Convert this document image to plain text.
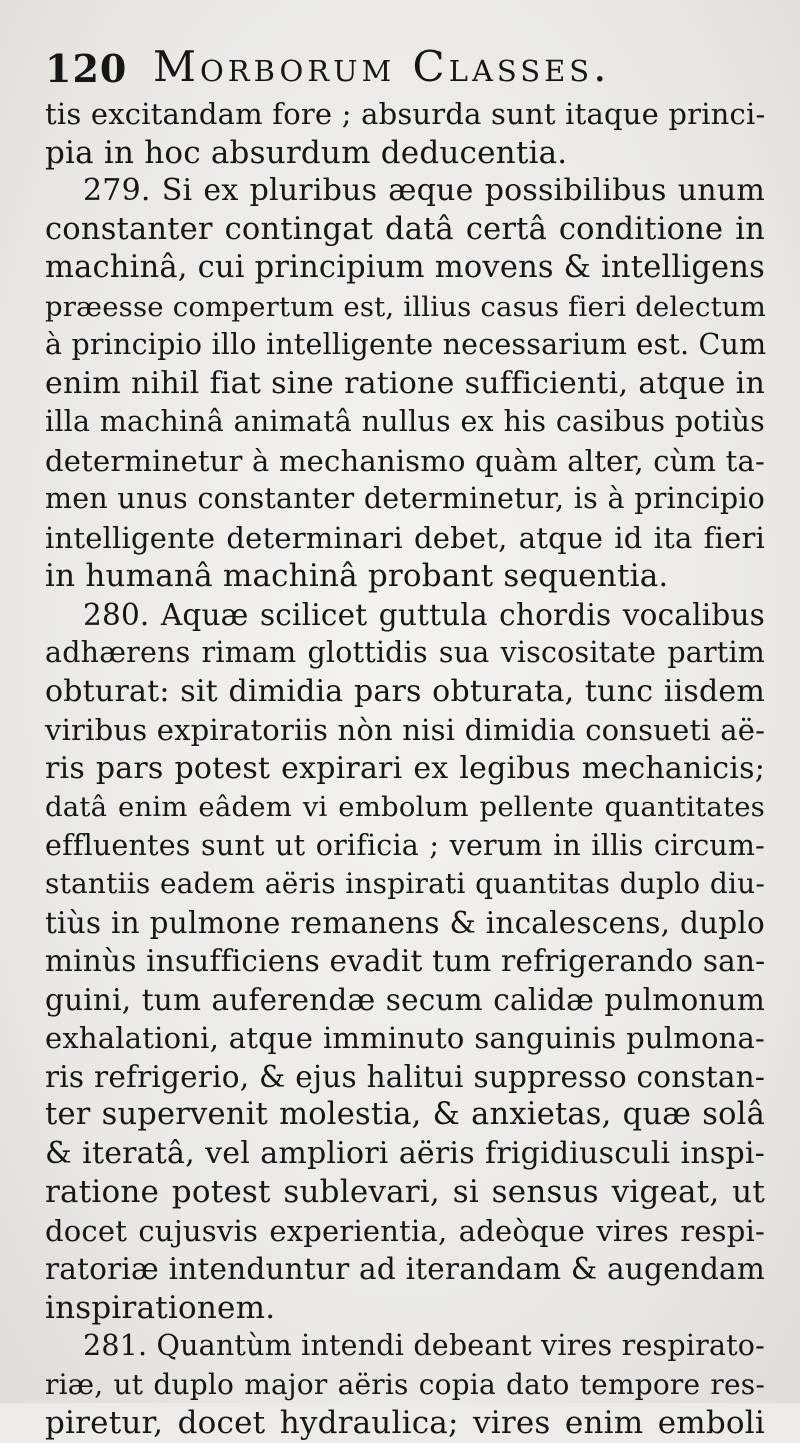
120 Morborum Classes.
tis excitandam fore ; absurda sunt itaque princi-
pia in hoc absurdum deducentia.
279. Si ex pluribus æque possibilibus unum
constanter contingat datâ certâ conditione in
machinâ, cui principium movens & intelligens
præesse compertum est, illius casus fieri delectum
à principio illo intelligente necessarium est. Cum
enim nihil fiat sine ratione sufficienti, atque in
illa machinâ animatâ nullus ex his casibus potiùs
determinetur à mechanismo quàm alter, cùm ta-
men unus constanter determinetur, is à principio
intelligente determinari debet, atque id ita fieri
in humanâ machinâ probant sequentia.
280. Aquæ scilicet guttula chordis vocalibus
adhærens rimam glottidis sua viscositate partim
obturat: sit dimidia pars obturata, tunc iisdem
viribus expiratoriis nòn nisi dimidia consueti aë-
ris pars potest expirari ex legibus mechanicis;
datâ enim eâdem vi embolum pellente quantitates
effluentes sunt ut orificia ; verum in illis circum-
stantiis eadem aëris inspirati quantitas duplo diu-
tiùs in pulmone remanens & incalescens, duplo
minùs insufficiens evadit tum refrigerando san-
guini, tum auferendæ secum calidæ pulmonum
exhalationi, atque imminuto sanguinis pulmona-
ris refrigerio, & ejus halitui suppresso constan-
ter supervenit molestia, & anxietas, quæ solâ
& iteratâ, vel ampliori aëris frigidiusculi inspi-
ratione potest sublevari, si sensus vigeat, ut
docet cujusvis experientia, adeòque vires respi-
ratoriæ intenduntur ad iterandam & augendam
inspirationem.
281. Quantùm intendi debeant vires respirato-
riæ, ut duplo major aëris copia dato tempore res-
piretur, docet hydraulica; vires enim emboli
